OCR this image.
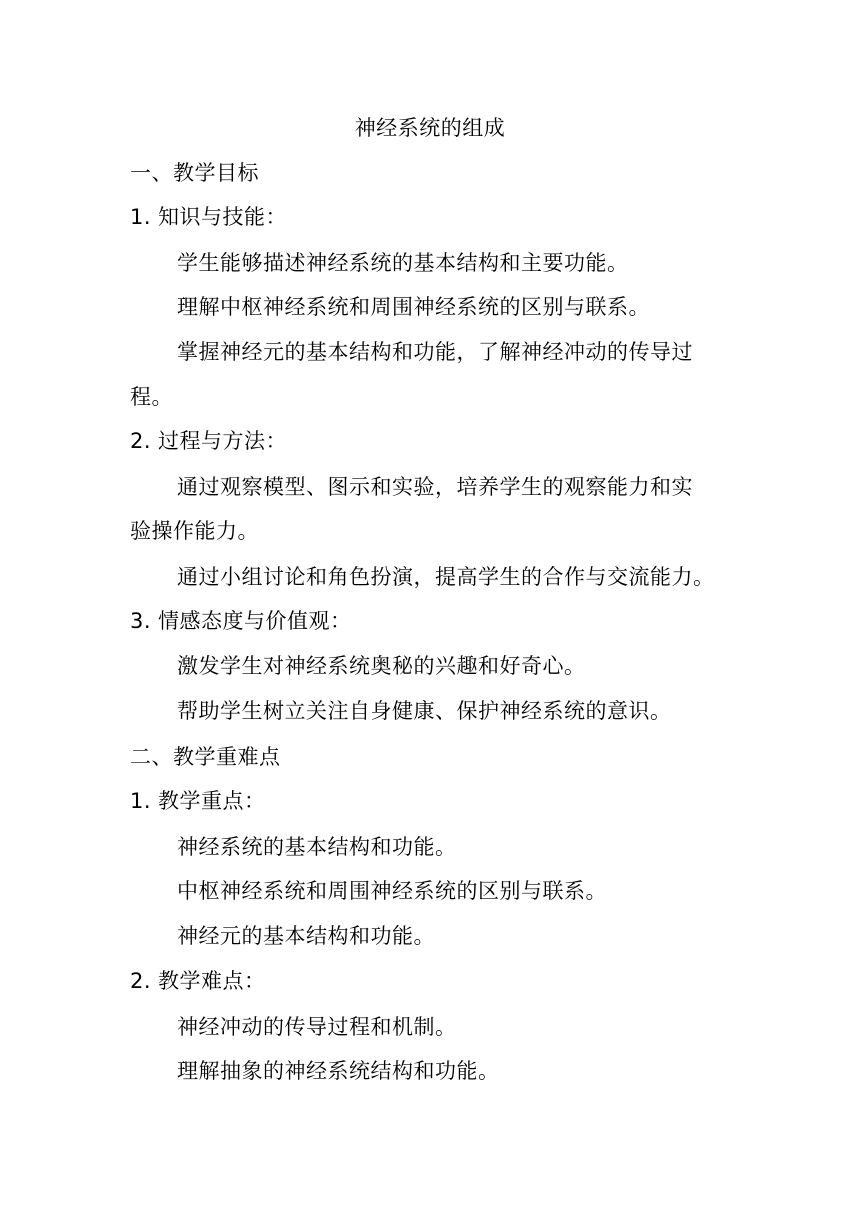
神经系统的组成
一、教学目标
1. 知识与技能：
学生能够描述神经系统的基本结构和主要功能。
理解中枢神经系统和周围神经系统的区别与联系。
掌握神经元的基本结构和功能，了解神经冲动的传导过
程。
2. 过程与方法：
通过观察模型、图示和实验，培养学生的观察能力和实
验操作能力。
通过小组讨论和角色扮演，提高学生的合作与交流能力。
3. 情感态度与价值观：
激发学生对神经系统奥秘的兴趣和好奇心。
帮助学生树立关注自身健康、保护神经系统的意识。
二、教学重难点
1. 教学重点：
神经系统的基本结构和功能。
中枢神经系统和周围神经系统的区别与联系。
神经元的基本结构和功能。
2. 教学难点：
神经冲动的传导过程和机制。
理解抽象的神经系统结构和功能。
